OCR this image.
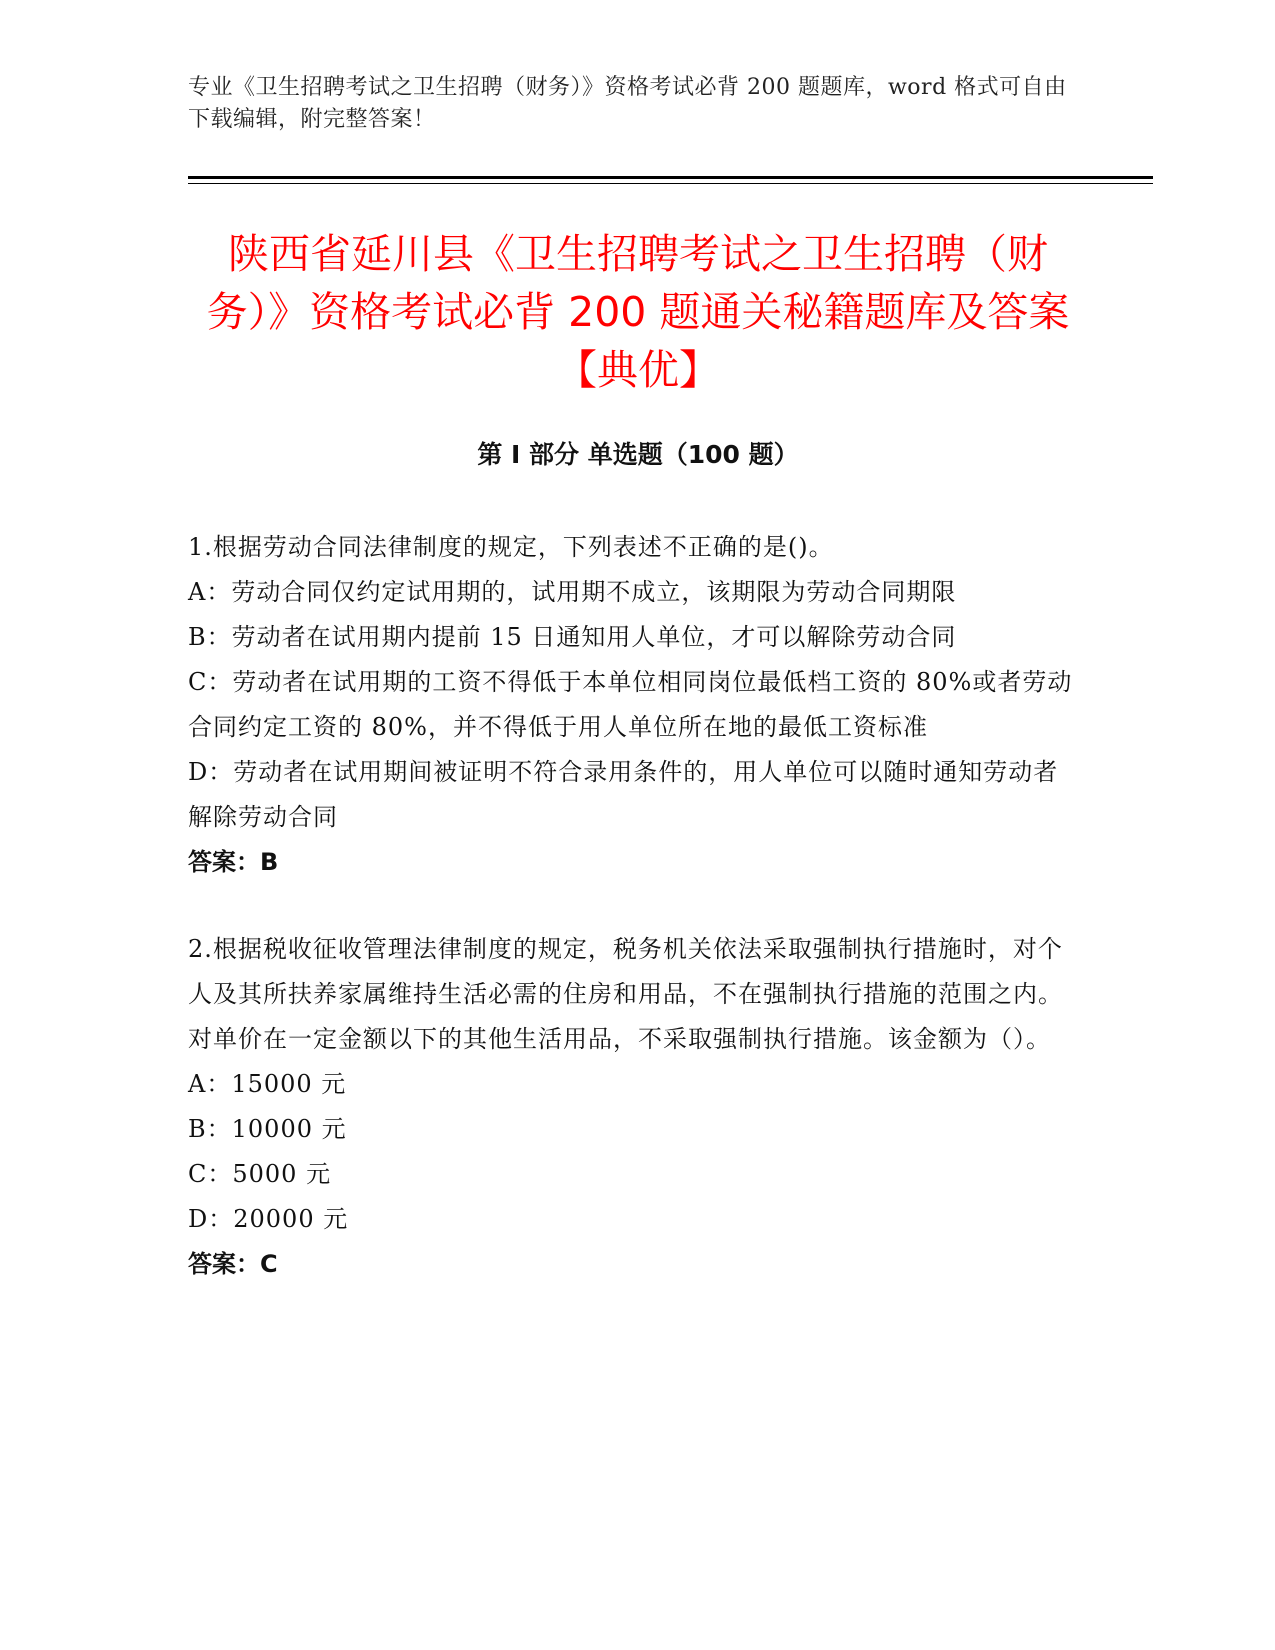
专业《卫生招聘考试之卫生招聘（财务）》资格考试必背 200 题题库，word 格式可自由下载编辑，附完整答案！
陕西省延川县《卫生招聘考试之卫生招聘（财务）》资格考试必背 200 题通关秘籍题库及答案【典优】
第 I 部分 单选题（100 题）
1.根据劳动合同法律制度的规定，下列表述不正确的是()。
A：劳动合同仅约定试用期的，试用期不成立，该期限为劳动合同期限
B：劳动者在试用期内提前 15 日通知用人单位，才可以解除劳动合同
C：劳动者在试用期的工资不得低于本单位相同岗位最低档工资的 80%或者劳动合同约定工资的 80%，并不得低于用人单位所在地的最低工资标准
D：劳动者在试用期间被证明不符合录用条件的，用人单位可以随时通知劳动者解除劳动合同
答案：B
2.根据税收征收管理法律制度的规定，税务机关依法采取强制执行措施时，对个人及其所扶养家属维持生活必需的住房和用品，不在强制执行措施的范围之内。对单价在一定金额以下的其他生活用品，不采取强制执行措施。该金额为（）。
A：15000 元
B：10000 元
C：5000 元
D：20000 元
答案：C
